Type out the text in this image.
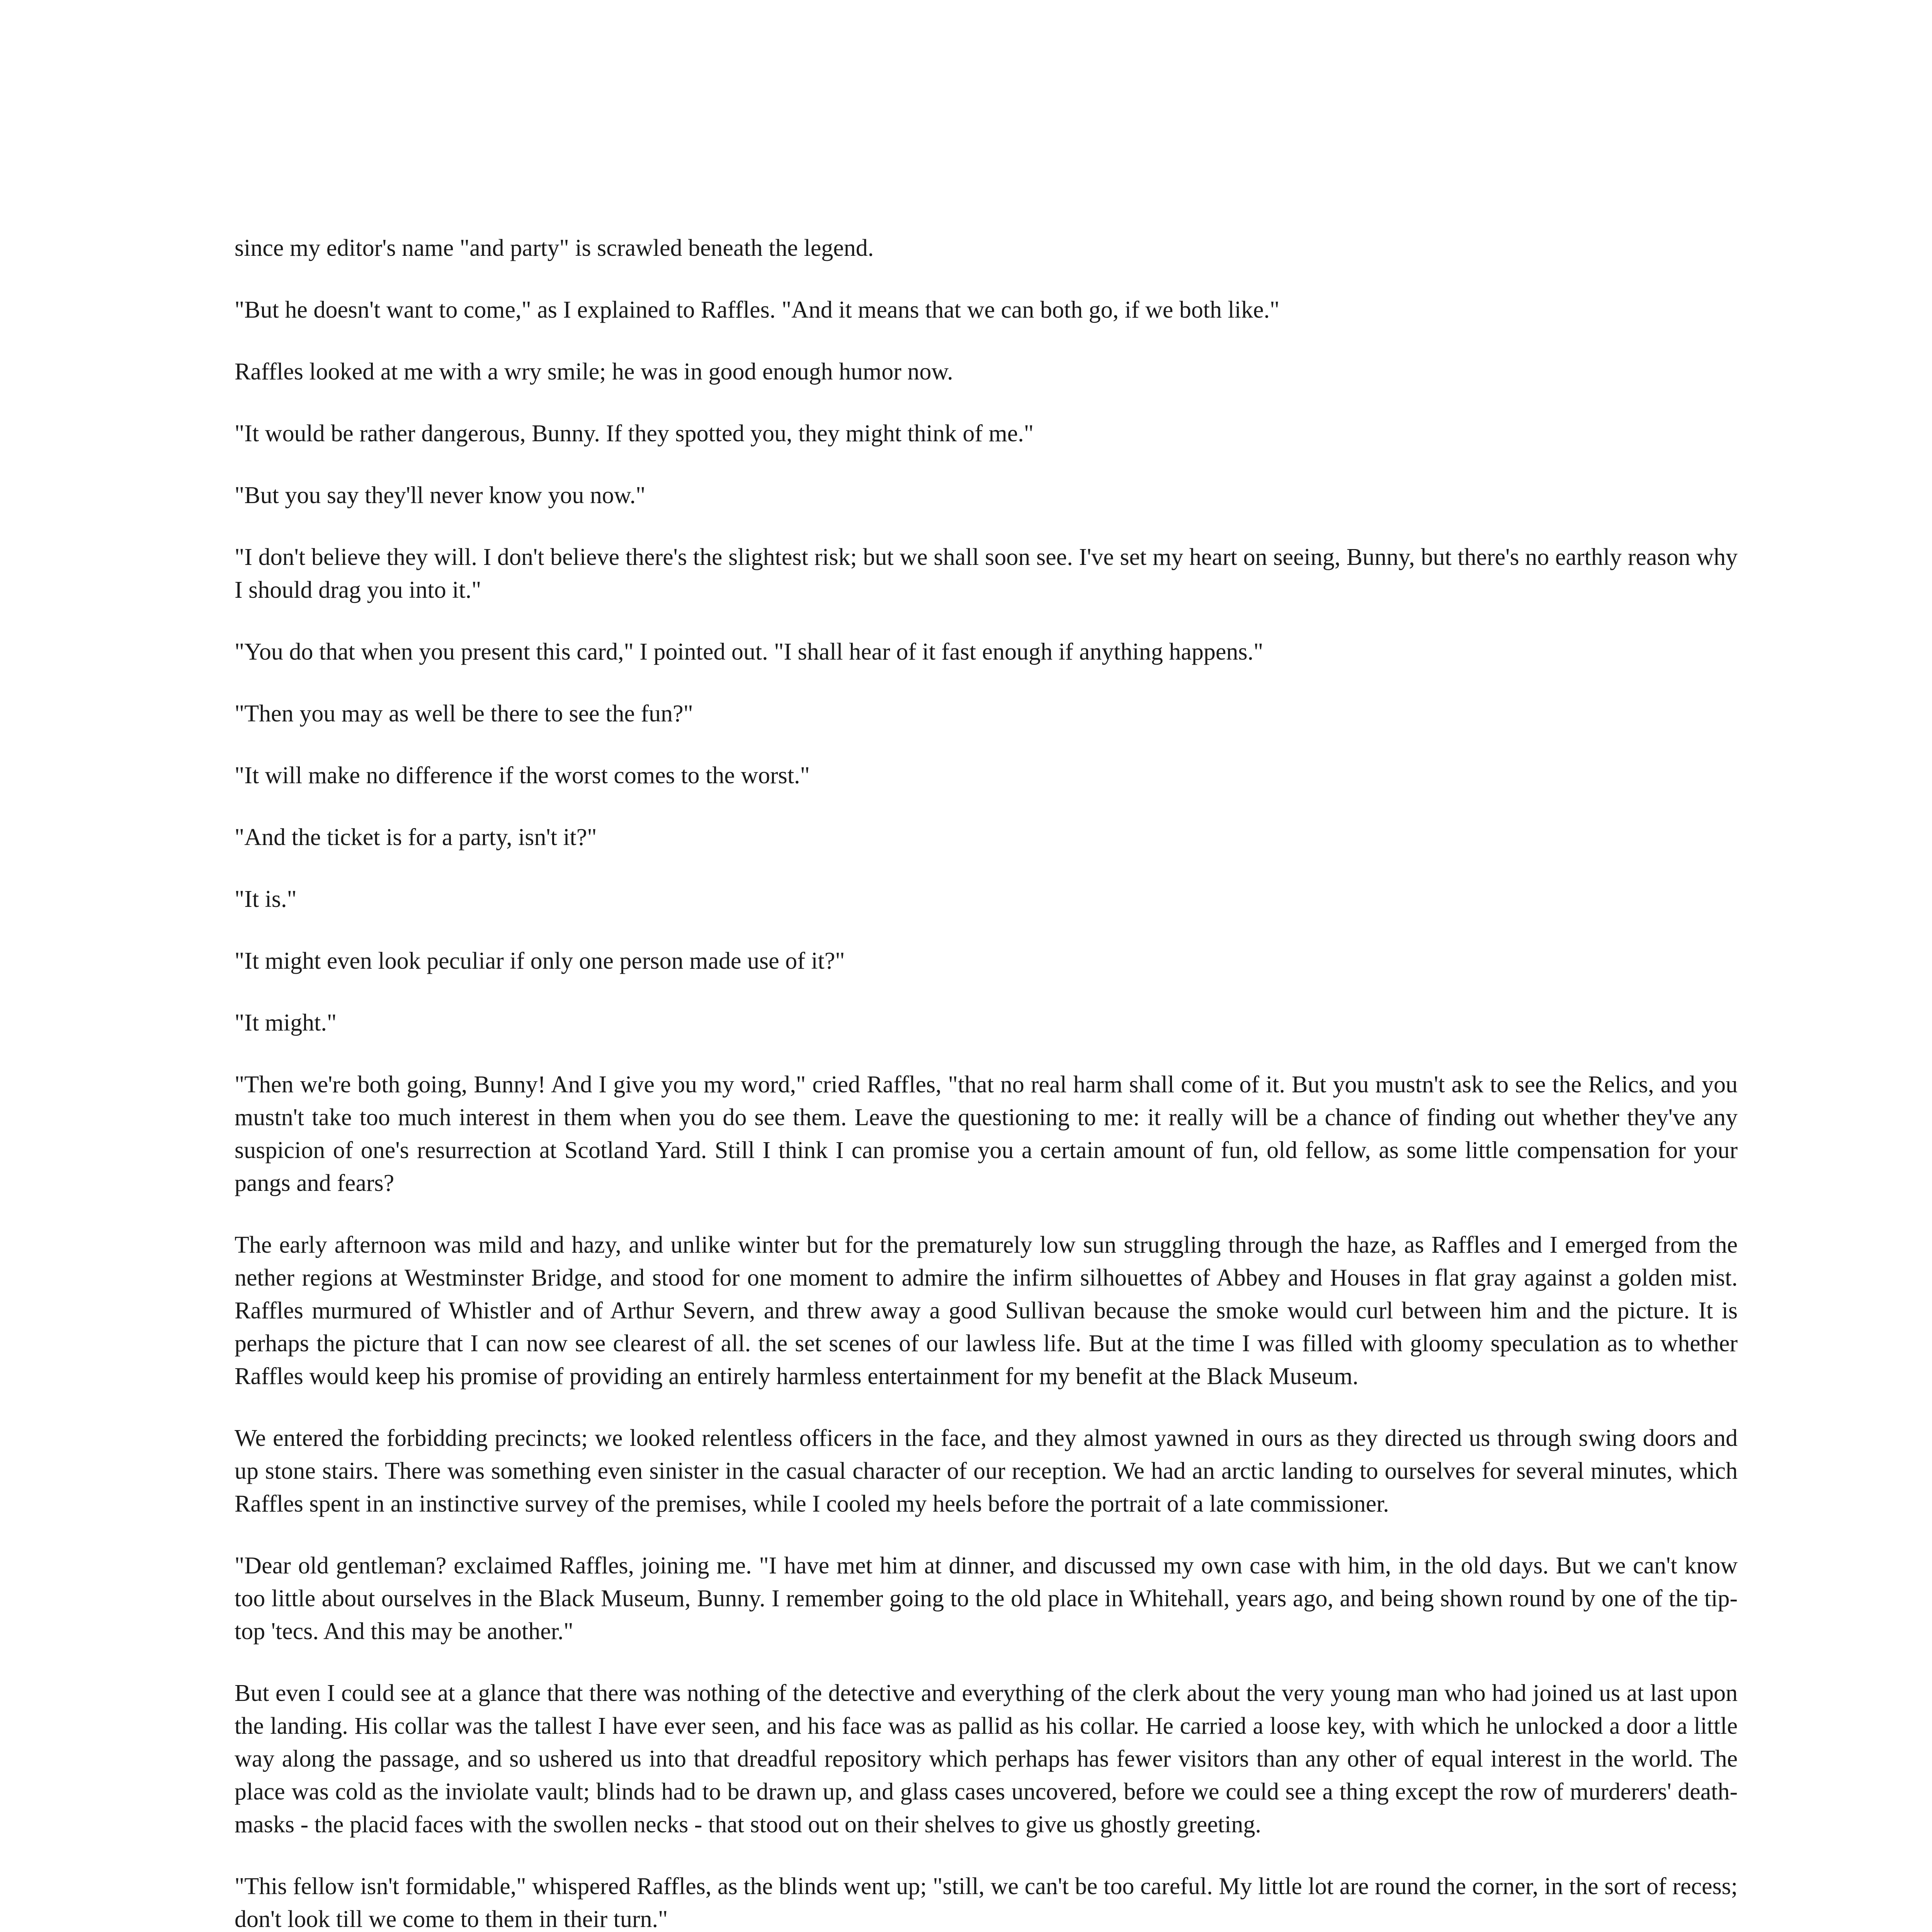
since my editor's name "and party" is scrawled beneath the legend.

"But he doesn't want to come," as I explained to Raffles. "And it means that we can both go, if we both like."

Raffles looked at me with a wry smile; he was in good enough humor now.

"It would be rather dangerous, Bunny. If they spotted you, they might think of me."

"But you say they'll never know you now."

"I don't believe they will. I don't believe there's the slightest risk; but we shall soon see. I've set my heart on seeing, Bunny, but there's no earthly reason why I should drag you into it."

"You do that when you present this card," I pointed out. "I shall hear of it fast enough if anything happens."

"Then you may as well be there to see the fun?"

"It will make no difference if the worst comes to the worst."

"And the ticket is for a party, isn't it?"

"It is."

"It might even look peculiar if only one person made use of it?"

"It might."

"Then we're both going, Bunny! And I give you my word," cried Raffles, "that no real harm shall come of it. But you mustn't ask to see the Relics, and you mustn't take too much interest in them when you do see them. Leave the questioning to me: it really will be a chance of finding out whether they've any suspicion of one's resurrection at Scotland Yard. Still I think I can promise you a certain amount of fun, old fellow, as some little compensation for your pangs and fears?

The early afternoon was mild and hazy, and unlike winter but for the prematurely low sun struggling through the haze, as Raffles and I emerged from the nether regions at Westminster Bridge, and stood for one moment to admire the infirm silhouettes of Abbey and Houses in flat gray against a golden mist. Raffles murmured of Whistler and of Arthur Severn, and threw away a good Sullivan because the smoke would curl between him and the picture. It is perhaps the picture that I can now see clearest of all. the set scenes of our lawless life. But at the time I was filled with gloomy speculation as to whether Raffles would keep his promise of providing an entirely harmless entertainment for my benefit at the Black Museum.

We entered the forbidding precincts; we looked relentless officers in the face, and they almost yawned in ours as they directed us through swing doors and up stone stairs. There was something even sinister in the casual character of our reception. We had an arctic landing to ourselves for several minutes, which Raffles spent in an instinctive survey of the premises, while I cooled my heels before the portrait of a late commissioner.

"Dear old gentleman? exclaimed Raffles, joining me. "I have met him at dinner, and discussed my own case with him, in the old days. But we can't know too little about ourselves in the Black Museum, Bunny. I remember going to the old place in Whitehall, years ago, and being shown round by one of the tip-top 'tecs. And this may be another."

But even I could see at a glance that there was nothing of the detective and everything of the clerk about the very young man who had joined us at last upon the landing. His collar was the tallest I have ever seen, and his face was as pallid as his collar. He carried a loose key, with which he unlocked a door a little way along the passage, and so ushered us into that dreadful repository which perhaps has fewer visitors than any other of equal interest in the world. The place was cold as the inviolate vault; blinds had to be drawn up, and glass cases uncovered, before we could see a thing except the row of murderers' death-masks - the placid faces with the swollen necks - that stood out on their shelves to give us ghostly greeting.

"This fellow isn't formidable," whispered Raffles, as the blinds went up; "still, we can't be too careful. My little lot are round the corner, in the sort of recess; don't look till we come to them in their turn."
